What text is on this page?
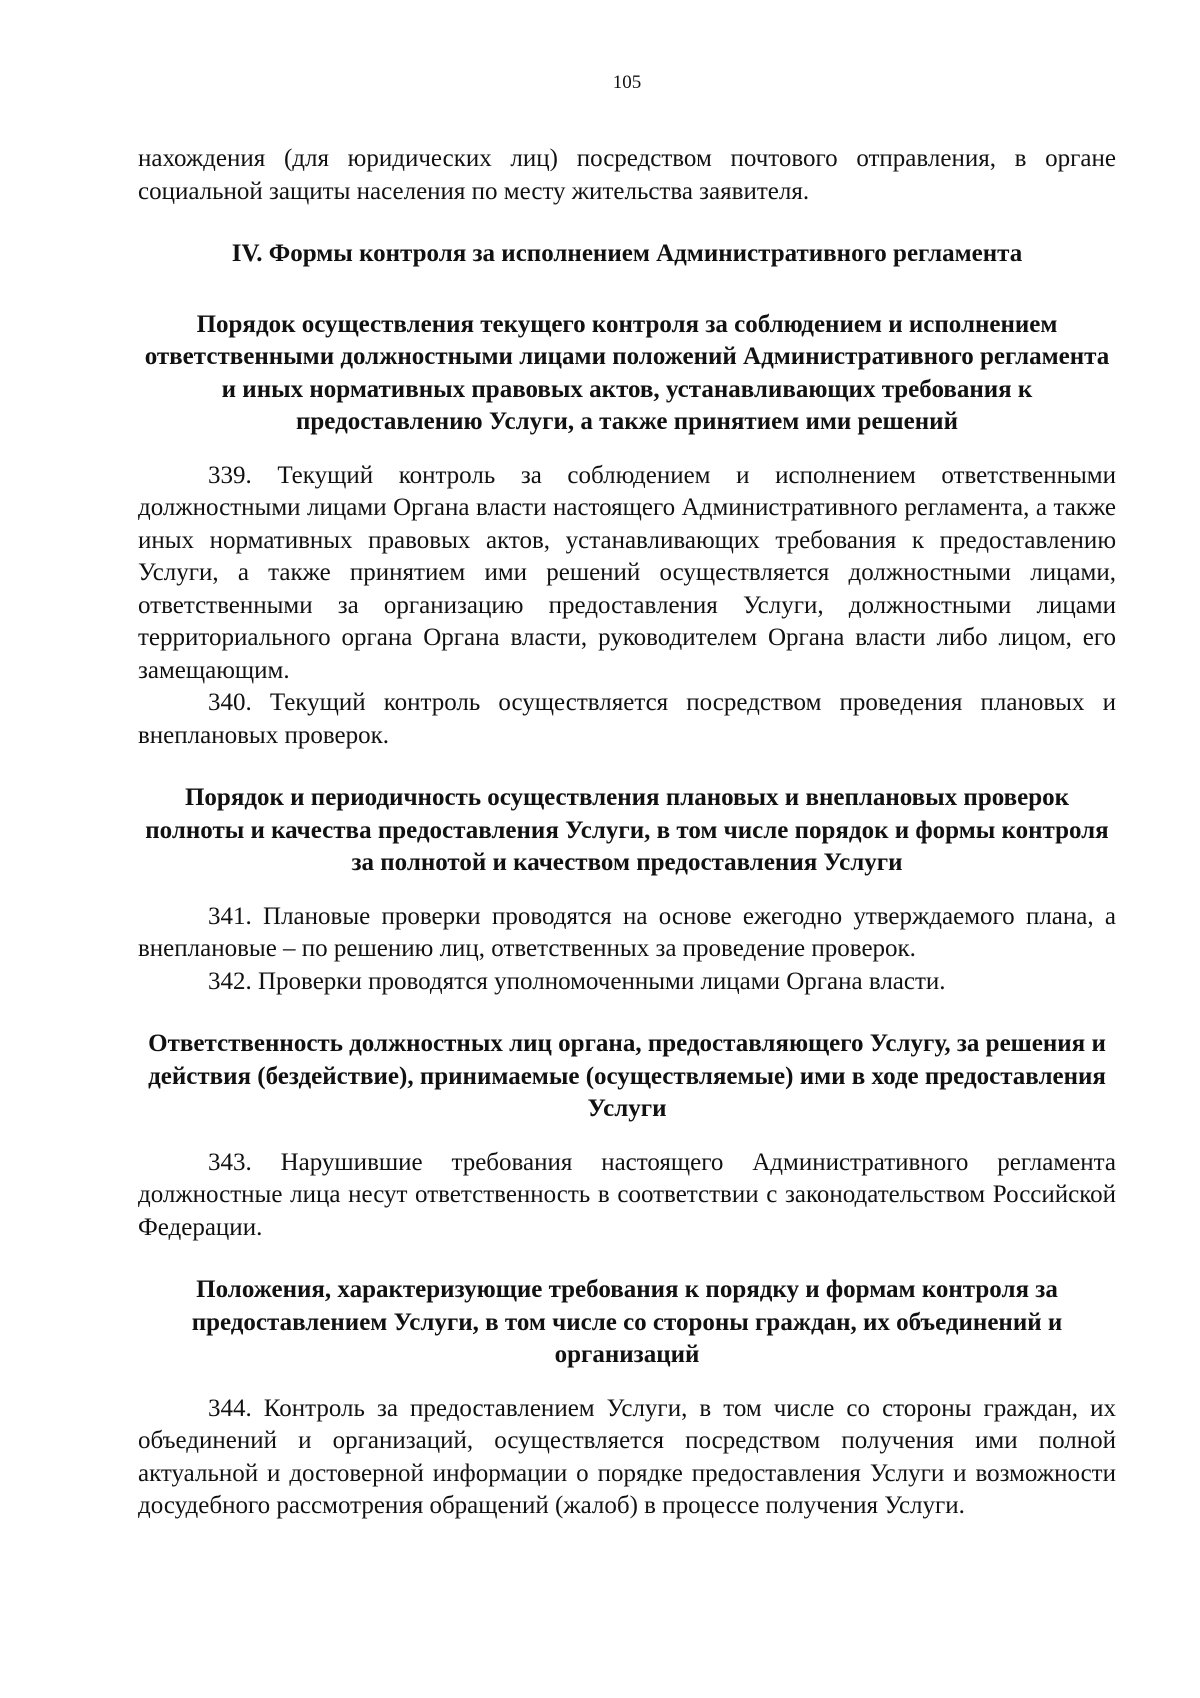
105

нахождения (для юридических лиц) посредством почтового отправления, в органе социальной защиты населения по месту жительства заявителя.

IV. Формы контроля за исполнением Административного регламента
Порядок осуществления текущего контроля за соблюдением и исполнением ответственными должностными лицами положений Административного регламента и иных нормативных правовых актов, устанавливающих требования к предоставлению Услуги, а также принятием ими решений

339. Текущий контроль за соблюдением и исполнением ответственными должностными лицами Органа власти настоящего Административного регламента, а также иных нормативных правовых актов, устанавливающих требования к предоставлению Услуги, а также принятием ими решений осуществляется должностными лицами, ответственными за организацию предоставления Услуги, должностными лицами территориального органа Органа власти, руководителем Органа власти либо лицом, его замещающим.

340. Текущий контроль осуществляется посредством проведения плановых и внеплановых проверок.

Порядок и периодичность осуществления плановых и внеплановых проверок полноты и качества предоставления Услуги, в том числе порядок и формы контроля за полнотой и качеством предоставления Услуги

341. Плановые проверки проводятся на основе ежегодно утверждаемого плана, а внеплановые – по решению лиц, ответственных за проведение проверок.

342. Проверки проводятся уполномоченными лицами Органа власти.

Ответственность должностных лиц органа, предоставляющего Услугу, за решения и действия (бездействие), принимаемые (осуществляемые) ими в ходе предоставления Услуги

343. Нарушившие требования настоящего Административного регламента должностные лица несут ответственность в соответствии с законодательством Российской Федерации.

Положения, характеризующие требования к порядку и формам контроля за предоставлением Услуги, в том числе со стороны граждан, их объединений и организаций

344. Контроль за предоставлением Услуги, в том числе со стороны граждан, их объединений и организаций, осуществляется посредством получения ими полной актуальной и достоверной информации о порядке предоставления Услуги и возможности досудебного рассмотрения обращений (жалоб) в процессе получения Услуги.
